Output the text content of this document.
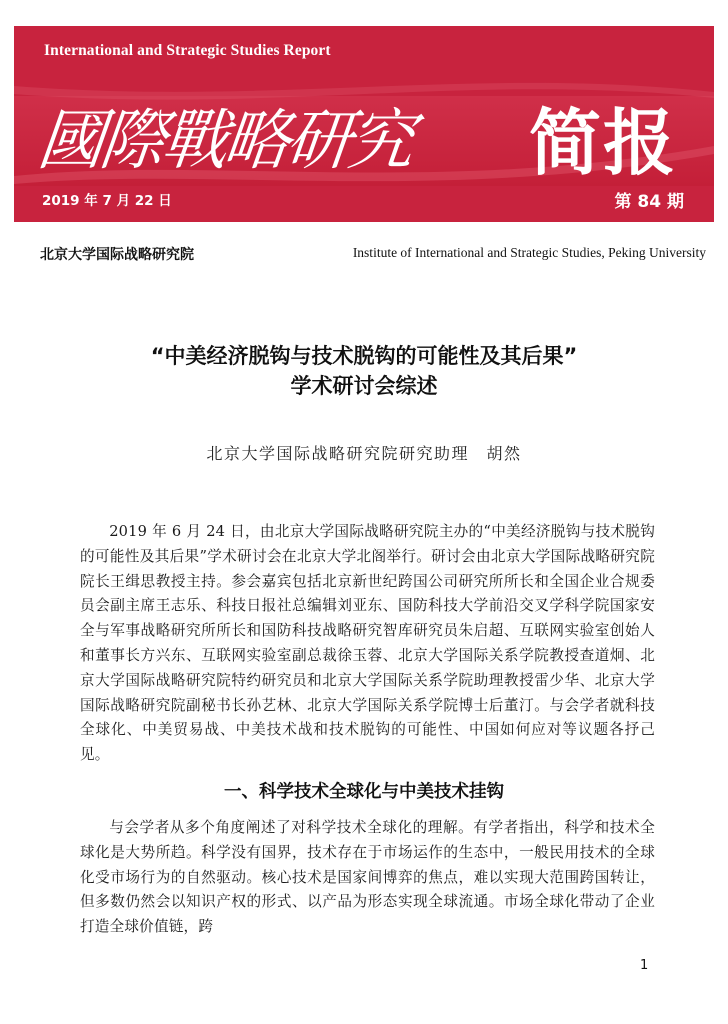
International and Strategic Studies Report
國際戰略研究 简报
2019 年 7 月 22 日	第 84 期
北京大学国际战略研究院	Institute of International and Strategic Studies, Peking University
“中美经济脱钩与技术脱钩的可能性及其后果”
学术研讨会综述
北京大学国际战略研究院研究助理　胡然
2019 年 6 月 24 日，由北京大学国际战略研究院主办的“中美经济脱钩与技术脱钩的可能性及其后果”学术研讨会在北京大学北阁举行。研讨会由北京大学国际战略研究院院长王缉思教授主持。参会嘉宾包括北京新世纪跨国公司研究所所长和全国企业合规委员会副主席王志乐、科技日报社总编辑刘亚东、国防科技大学前沿交叉学科学院国家安全与军事战略研究所所长和国防科技战略研究智库研究员朱启超、互联网实验室创始人和董事长方兴东、互联网实验室副总裁徐玉蓉、北京大学国际关系学院教授查道炯、北京大学国际战略研究院特约研究员和北京大学国际关系学院助理教授雷少华、北京大学国际战略研究院副秘书长孙艺林、北京大学国际关系学院博士后董汀。与会学者就科技全球化、中美贸易战、中美技术战和技术脱钩的可能性、中国如何应对等议题各抒己见。
一、科学技术全球化与中美技术挂钩
与会学者从多个角度阐述了对科学技术全球化的理解。有学者指出，科学和技术全球化是大势所趋。科学没有国界，技术存在于市场运作的生态中，一般民用技术的全球化受市场行为的自然驱动。核心技术是国家间博弈的焦点，难以实现大范围跨国转让，但多数仍然会以知识产权的形式、以产品为形态实现全球流通。市场全球化带动了企业打造全球价值链，跨
1
